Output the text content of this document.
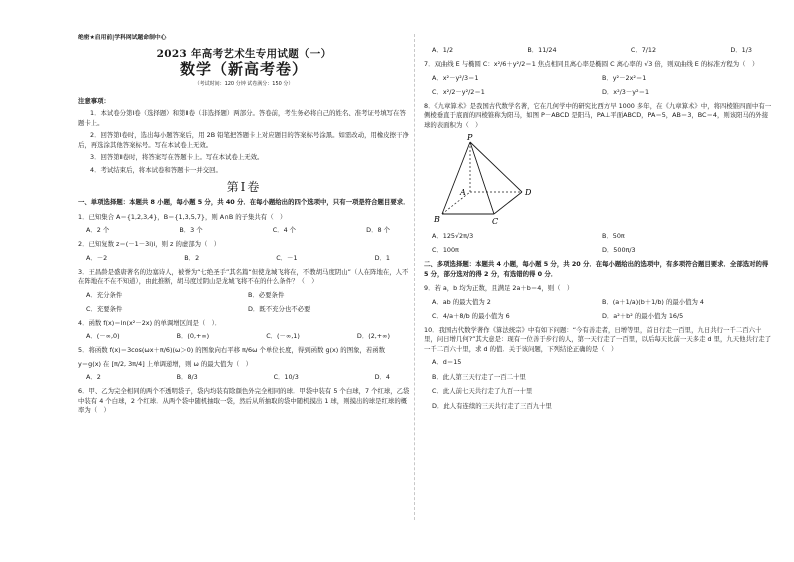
绝密★启用前|学科网试题命制中心
2023 年高考艺术生专用试题（一）
数学（新高考卷）
（考试时间：120 分钟 试卷满分：150 分）
注意事项：

1．本试卷分第Ⅰ卷（选择题）和第Ⅱ卷（非选择题）两部分。答卷前，考生务必将自己的姓名、准考证号填写在答题卡上。

2．回答第Ⅰ卷时，选出每小题答案后，用 2B 铅笔把答题卡上对应题目的答案标号涂黑。如需改动，用橡皮擦干净后，再选涂其他答案标号。写在本试卷上无效。

3．回答第Ⅱ卷时，将答案写在答题卡上。写在本试卷上无效。

4．考试结束后，将本试卷和答题卡一并交回。

第Ⅰ卷
一、单项选择题：本题共 8 小题，每小题 5 分，共 40 分．在每小题给出的四个选项中，只有一项是符合题目要求．
1．已知集合 A＝{1,2,3,4}，B＝{1,3,5,7}，则 A∩B 的子集共有（　）
A．2 个	B．3 个	C．4 个	D．8 个
2．已知复数 z＝(－1－3i)i，则 z 的虚部为（　）
A．－2	B．2	C．－1	D．1
3．王昌龄是盛唐著名的边塞诗人，被誉为“七绝圣手”其名篇“但使龙城飞将在，不教胡马度阴山”（人在阵地在，人不在阵地在不在不知道），由此推断，胡马度过阴山是龙城飞将不在的什么条件？（　）
A．充分条件	B．必要条件
C．充要条件	D．既不充分也不必要
4．函数 f(x)＝ln(x²－2x) 的单调增区间是（　）．
A．(－∞,0)	B．(0,+∞)	C．(－∞,1)	D．(2,+∞)
5．将函数 f(x)＝3cos(ωx＋π/6)(ω＞0) 的图象向右平移 π/6ω 个单位长度，得到函数 g(x) 的图象，若函数
y＝g(x) 在 [π/2, 3π/4] 上单调递增，则 ω 的最大值为（　）
A．2	B．8/3	C．10/3	D．4
6．甲、乙为完全相同的两个不透明袋子，袋内均装有除颜色外完全相同的球．甲袋中装有 5 个白球，7 个红球，乙袋中装有 4 个白球，2 个红球．从两个袋中随机抽取一袋，然后从所抽取的袋中随机摸出 1 球，则摸出的球是红球的概率为（　）
A．1/2	B．11/24	C．7/12	D．1/3
7．双曲线 E 与椭圆 C：x²/6＋y²/2＝1 焦点相同且离心率是椭圆 C 离心率的 √3 倍，则双曲线 E 的标准方程为（　）
A．x²－y²/3＝1	B．y²－2x²＝1
C．x²/2－y²/2＝1	D．x²/3－y²＝1
8．《九章算术》是我国古代数学名著，它在几何学中的研究比西方早 1000 多年，在《九章算术》中，将四棱锥四面中有一侧棱垂直于底面的四棱锥称为阳马，如图 P－ABCD 是阳马，PA⊥平面ABCD，PA＝5，AB＝3，BC＝4，则该阳马的外接球的表面积为（　）
P
A
B	C
D
A．125√2π/3	B．50π
C．100π	D．500π/3
二、多项选择题：本题共 4 小题，每小题 5 分，共 20 分．在每小题给出的选项中，有多项符合题目要求．全部选对的得 5 分，部分选对的得 2 分，有选错的得 0 分．
9．若 a，b 均为正数，且满足 2a＋b＝4，则（　）
A．ab 的最大值为 2	B．(a＋1/a)(b＋1/b) 的最小值为 4
C．4/a＋8/b 的最小值为 6	D．a²＋b² 的最小值为 16/5
10．我国古代数学著作《算法统宗》中有如下问题：“今有善走者，日增等里，首日行走一百里，九日共行一千二百六十里，问日增几何?”其大意是：现有一位善于步行的人，第一天行走了一百里，以后每天比前一天多走 d 里，九天他共行走了一千二百六十里，求 d 的值．关于该问题，下列结论正确的是（　）
A．d＝15
B．此人第三天行走了一百二十里
C．此人前七天共行走了九百一十里
D．此人有连续的三天共行走了三百九十里
